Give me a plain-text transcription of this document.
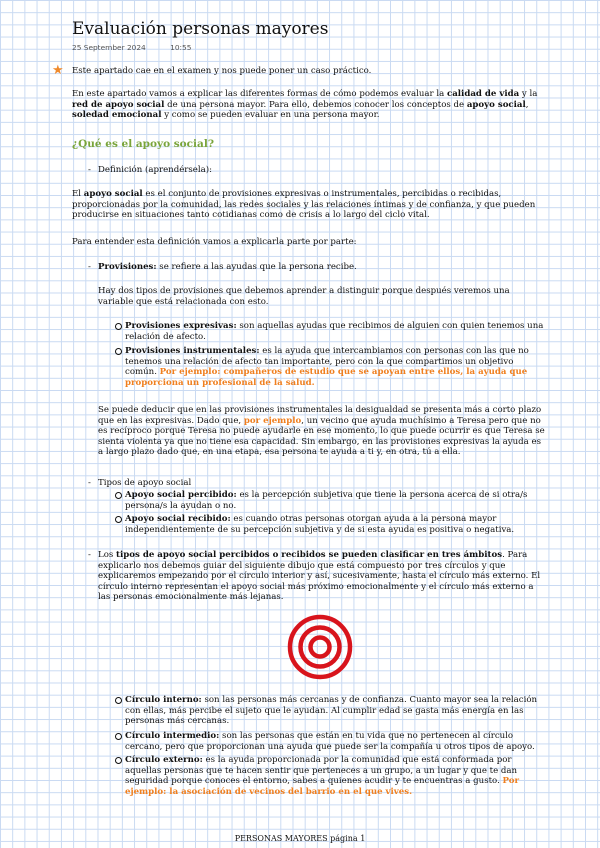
Evaluación personas mayores
25 September 2024	10:55
★ Este apartado cae en el examen y nos puede poner un caso práctico.

En este apartado vamos a explicar las diferentes formas de cómo podemos evaluar la calidad de vida y la red de apoyo social de una persona mayor. Para ello, debemos conocer los conceptos de apoyo social, soledad emocional y como se pueden evaluar en una persona mayor.

¿Qué es el apoyo social?

- Definición (aprendérsela):

El apoyo social es el conjunto de provisiones expresivas o instrumentales, percibidas o recibidas, proporcionadas por la comunidad, las redes sociales y las relaciones íntimas y de confianza, y que pueden producirse en situaciones tanto cotidianas como de crisis a lo largo del ciclo vital.

Para entender esta definición vamos a explicarla parte por parte:

- Provisiones: se refiere a las ayudas que la persona recibe.

Hay dos tipos de provisiones que debemos aprender a distinguir porque después veremos una variable que está relacionada con esto.

Provisiones expresivas: son aquellas ayudas que recibimos de alguien con quien tenemos una relación de afecto.

Provisiones instrumentales: es la ayuda que intercambiamos con personas con las que no tenemos una relación de afecto tan importante, pero con la que compartimos un objetivo común. Por ejemplo: compañeros de estudio que se apoyan entre ellos, la ayuda que proporciona un profesional de la salud.

Se puede deducir que en las provisiones instrumentales la desigualdad se presenta más a corto plazo que en las expresivas. Dado que, por ejemplo, un vecino que ayuda muchísimo a Teresa pero que no es recíproco porque Teresa no puede ayudarle en ese momento, lo que puede ocurrir es que Teresa se sienta violenta ya que no tiene esa capacidad. Sin embargo, en las provisiones expresivas la ayuda es a largo plazo dado que, en una etapa, esa persona te ayuda a ti y, en otra, tú a ella.

- Tipos de apoyo social

Apoyo social percibido: es la percepción subjetiva que tiene la persona acerca de si otra/s persona/s la ayudan o no.

Apoyo social recibido: es cuando otras personas otorgan ayuda a la persona mayor independientemente de su percepción subjetiva y de si esta ayuda es positiva o negativa.

- Los tipos de apoyo social percibidos o recibidos se pueden clasificar en tres ámbitos. Para explicarlo nos debemos guiar del siguiente dibujo que está compuesto por tres círculos y que explicaremos empezando por el círculo interior y así, sucesivamente, hasta el círculo más externo. El círculo interno representan el apoyo social más próximo emocionalmente y el círculo más externo a las personas emocionalmente más lejanas.

Círculo interno: son las personas más cercanas y de confianza. Cuanto mayor sea la relación con ellas, más percibe el sujeto que le ayudan. Al cumplir edad se gasta más energía en las personas más cercanas.

Círculo intermedio: son las personas que están en tu vida que no pertenecen al círculo cercano, pero que proporcionan una ayuda que puede ser la compañía u otros tipos de apoyo.

Círculo externo: es la ayuda proporcionada por la comunidad que está conformada por aquellas personas que te hacen sentir que perteneces a un grupo, a un lugar y que te dan seguridad porque conoces el entorno, sabes a quienes acudir y te encuentras a gusto. Por ejemplo: la asociación de vecinos del barrio en el que vives.

PERSONAS MAYORES página 1
